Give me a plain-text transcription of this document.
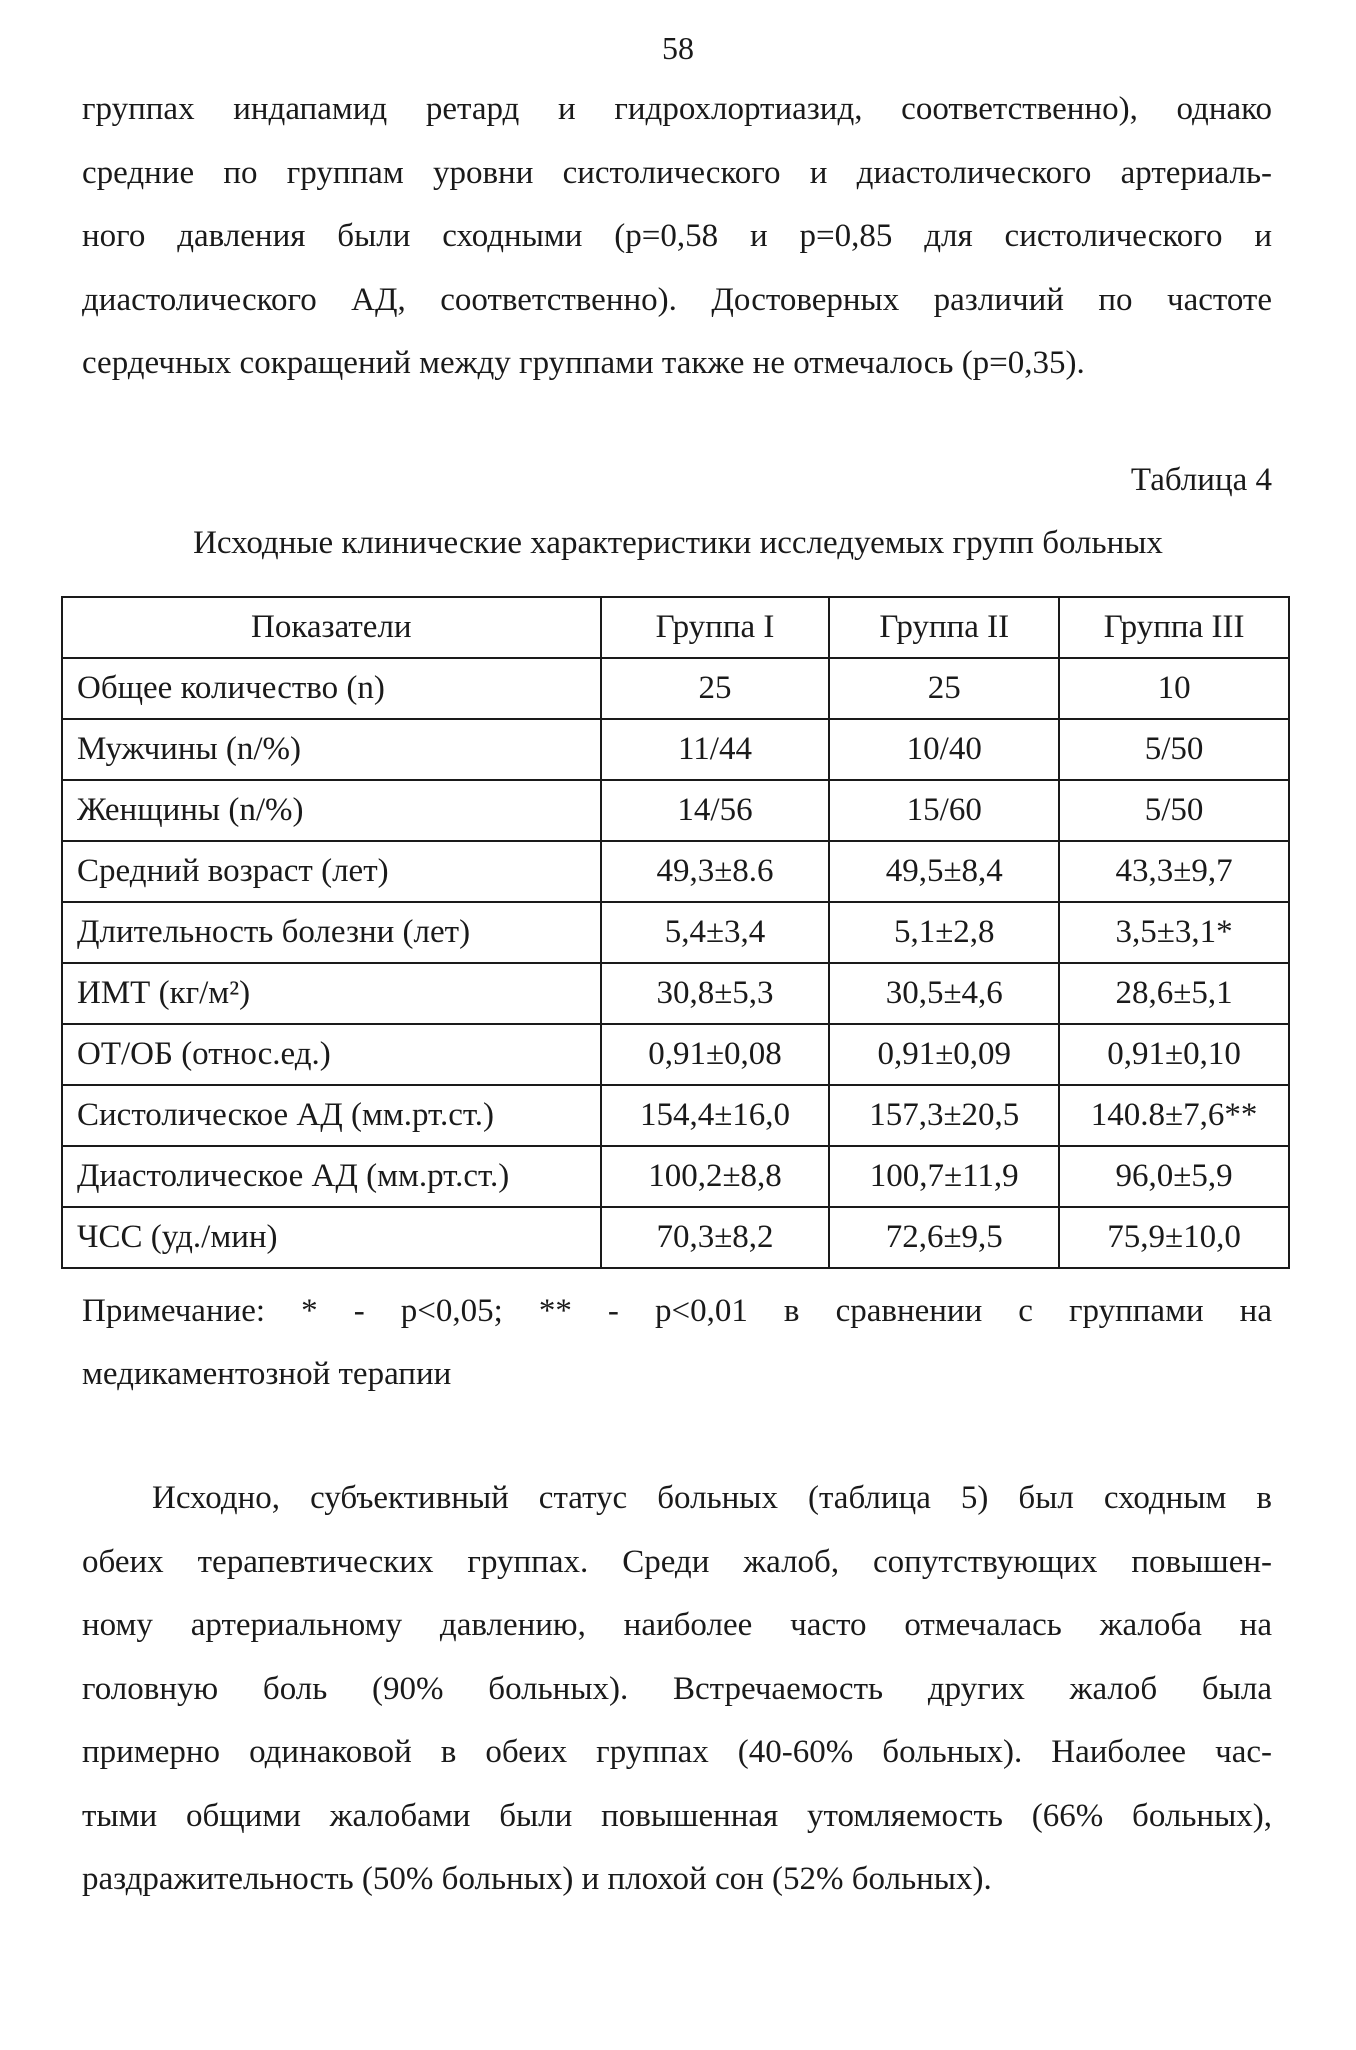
58
группах индапамид ретард и гидрохлортиазид, соответственно), однако
средние по группам уровни систолического и диастолического артериаль-
ного давления были сходными (р=0,58 и р=0,85 для систолического и
диастолического АД, соответственно). Достоверных различий по частоте
сердечных сокращений между группами также не отмечалось (р=0,35).
Таблица 4
Исходные клинические характеристики исследуемых групп больных
Показатели	Группа I	Группа II	Группа III
Общее количество (n)	25	25	10
Мужчины (n/%)	11/44	10/40	5/50
Женщины (n/%)	14/56	15/60	5/50
Средний возраст (лет)	49,3±8.6	49,5±8,4	43,3±9,7
Длительность болезни (лет)	5,4±3,4	5,1±2,8	3,5±3,1*
ИМТ (кг/м²)	30,8±5,3	30,5±4,6	28,6±5,1
ОТ/ОБ (относ.ед.)	0,91±0,08	0,91±0,09	0,91±0,10
Систолическое АД (мм.рт.ст.)	154,4±16,0	157,3±20,5	140.8±7,6**
Диастолическое АД (мм.рт.ст.)	100,2±8,8	100,7±11,9	96,0±5,9
ЧСС (уд./мин)	70,3±8,2	72,6±9,5	75,9±10,0
Примечание: * - р<0,05; ** - р<0,01 в сравнении с группами на
медикаментозной терапии
Исходно, субъективный статус больных (таблица 5) был сходным в
обеих терапевтических группах. Среди жалоб, сопутствующих повышен-
ному артериальному давлению, наиболее часто отмечалась жалоба на
головную боль (90% больных). Встречаемость других жалоб была
примерно одинаковой в обеих группах (40-60% больных). Наиболее час-
тыми общими жалобами были повышенная утомляемость (66% больных),
раздражительность (50% больных) и плохой сон (52% больных).
